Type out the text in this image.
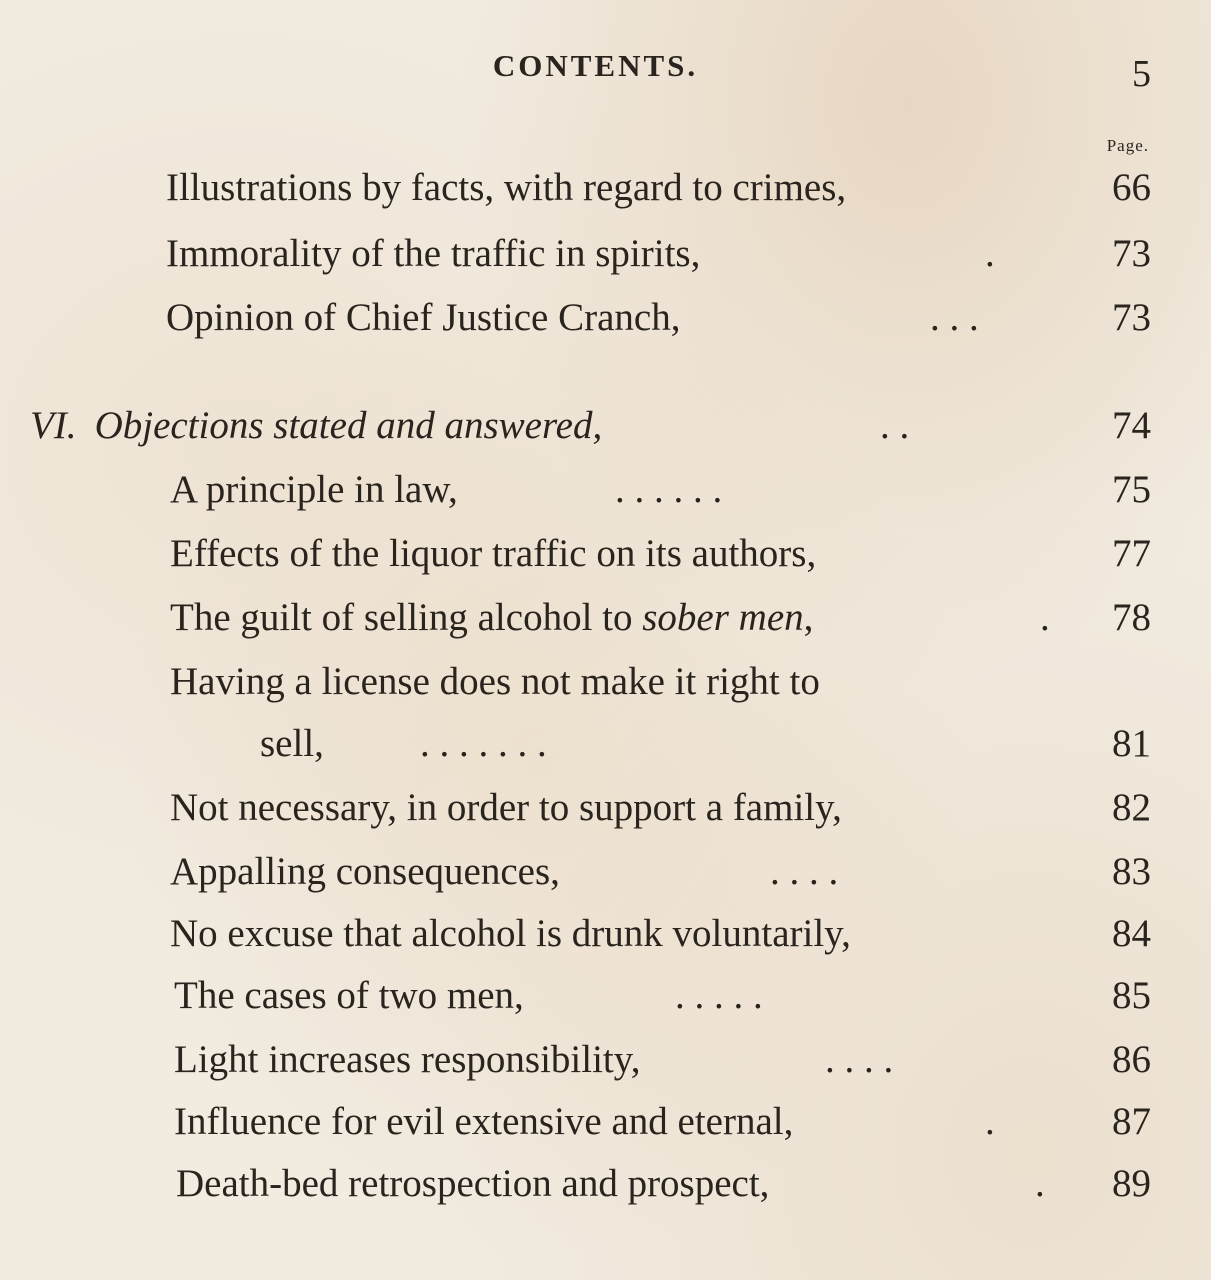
CONTENTS.	5
Page.
Illustrations by facts, with regard to crimes,	66
Immorality of the traffic in spirits,	.	73
Opinion of Chief Justice Cranch,	. . .	73
VI. Objections stated and answered,	. .	74
A principle in law,	. . . . . .	75
Effects of the liquor traffic on its authors,	77
The guilt of selling alcohol to sober men,	. 78
Having a license does not make it right to
sell, . . . . . . .	81
Not necessary, in order to support a family,	82
Appalling consequences,	. . . .	83
No excuse that alcohol is drunk voluntarily,	84
The cases of two men,	. . . . .	85
Light increases responsibility,	. . . .	86
Influence for evil extensive and eternal,	.	87
Death-bed retrospection and prospect,	. 89
